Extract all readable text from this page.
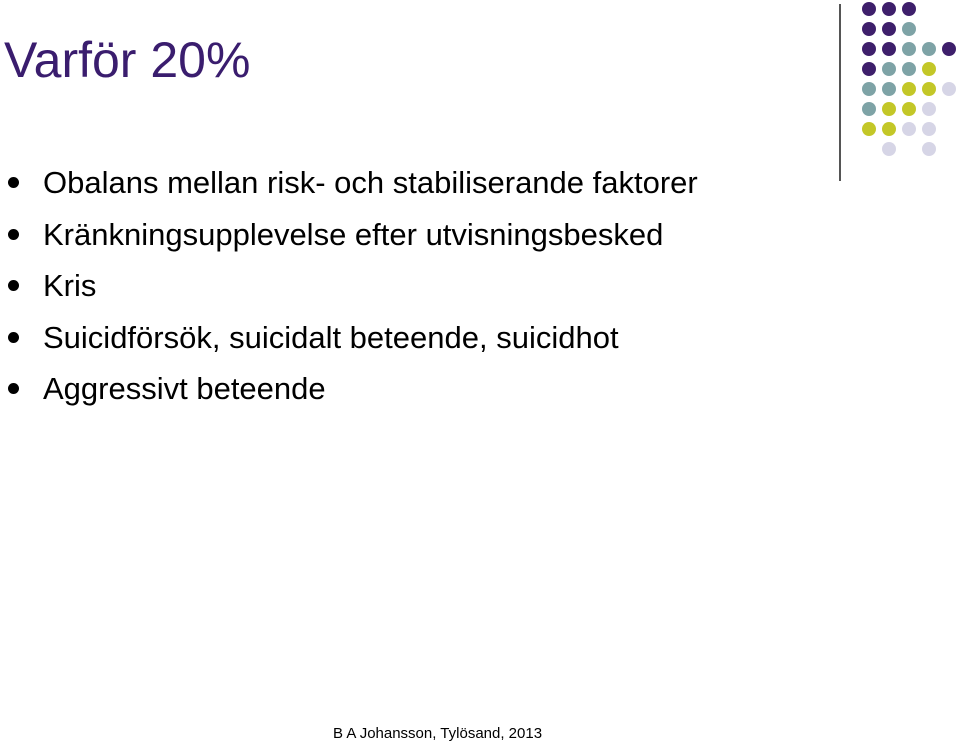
Varför 20%
Obalans mellan risk- och stabiliserande faktorer
Kränkningsupplevelse efter utvisningsbesked
Kris
Suicidförsök, suicidalt beteende, suicidhot
Aggressivt beteende
B A Johansson, Tylösand, 2013
